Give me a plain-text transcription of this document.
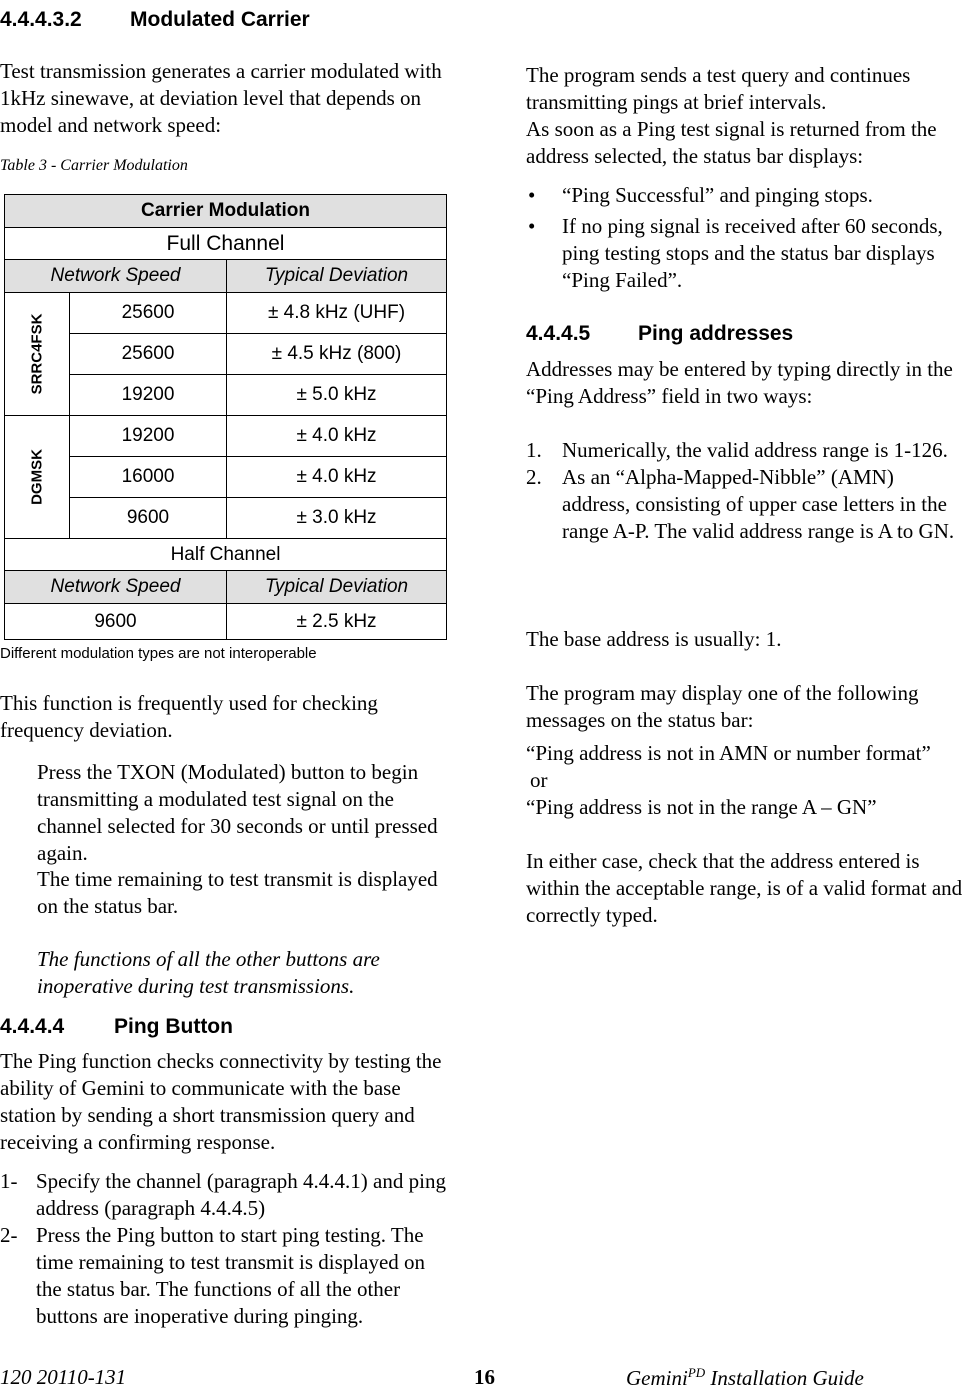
4.4.4.3.2 Modulated Carrier
Test transmission generates a carrier modulated with 1kHz sinewave, at deviation level that depends on model and network speed:
Table 3 - Carrier Modulation
Carrier Modulation		
Full Channel		
Network Speed		Typical Deviation

SRRC4FSK	25600	± 4.8 kHz (UHF)
	25600	± 4.5 kHz (800)
	19200	± 5.0 kHz

DGMSK	19200	± 4.0 kHz
	16000	± 4.0 kHz
	9600	± 3.0 kHz
Half Channel		
Network Speed		Typical Deviation
9600		± 2.5 kHz
Different modulation types are not interoperable
This function is frequently used for checking frequency deviation.
Press the TXON (Modulated) button to begin transmitting a modulated test signal on the channel selected for 30 seconds or until pressed again.
The time remaining to test transmit is displayed on the status bar.
The functions of all the other buttons are inoperative during test transmissions.
4.4.4.4 Ping Button
The Ping function checks connectivity by testing the ability of Gemini to communicate with the base station by sending a short transmission query and receiving a confirming response.
1- Specify the channel (paragraph 4.4.4.1) and ping address (paragraph 4.4.4.5)
2- Press the Ping button to start ping testing. The time remaining to test transmit is displayed on the status bar. The functions of all the other buttons are inoperative during pinging.
The program sends a test query and continues transmitting pings at brief intervals.
As soon as a Ping test signal is returned from the address selected, the status bar displays:
• “Ping Successful” and pinging stops.
• If no ping signal is received after 60 seconds, ping testing stops and the status bar displays “Ping Failed”.
4.4.4.5 Ping addresses
Addresses may be entered by typing directly in the “Ping Address” field in two ways:
1. Numerically, the valid address range is 1-126.
2. As an “Alpha-Mapped-Nibble” (AMN) address, consisting of upper case letters in the range A-P. The valid address range is A to GN.
The base address is usually: 1.
The program may display one of the following messages on the status bar:
“Ping address is not in AMN or number format”
or
“Ping address is not in the range A – GN”
In either case, check that the address entered is within the acceptable range, is of a valid format and correctly typed.
120 20110-131	16	Gemini$^{PD}$ Installation Guide
